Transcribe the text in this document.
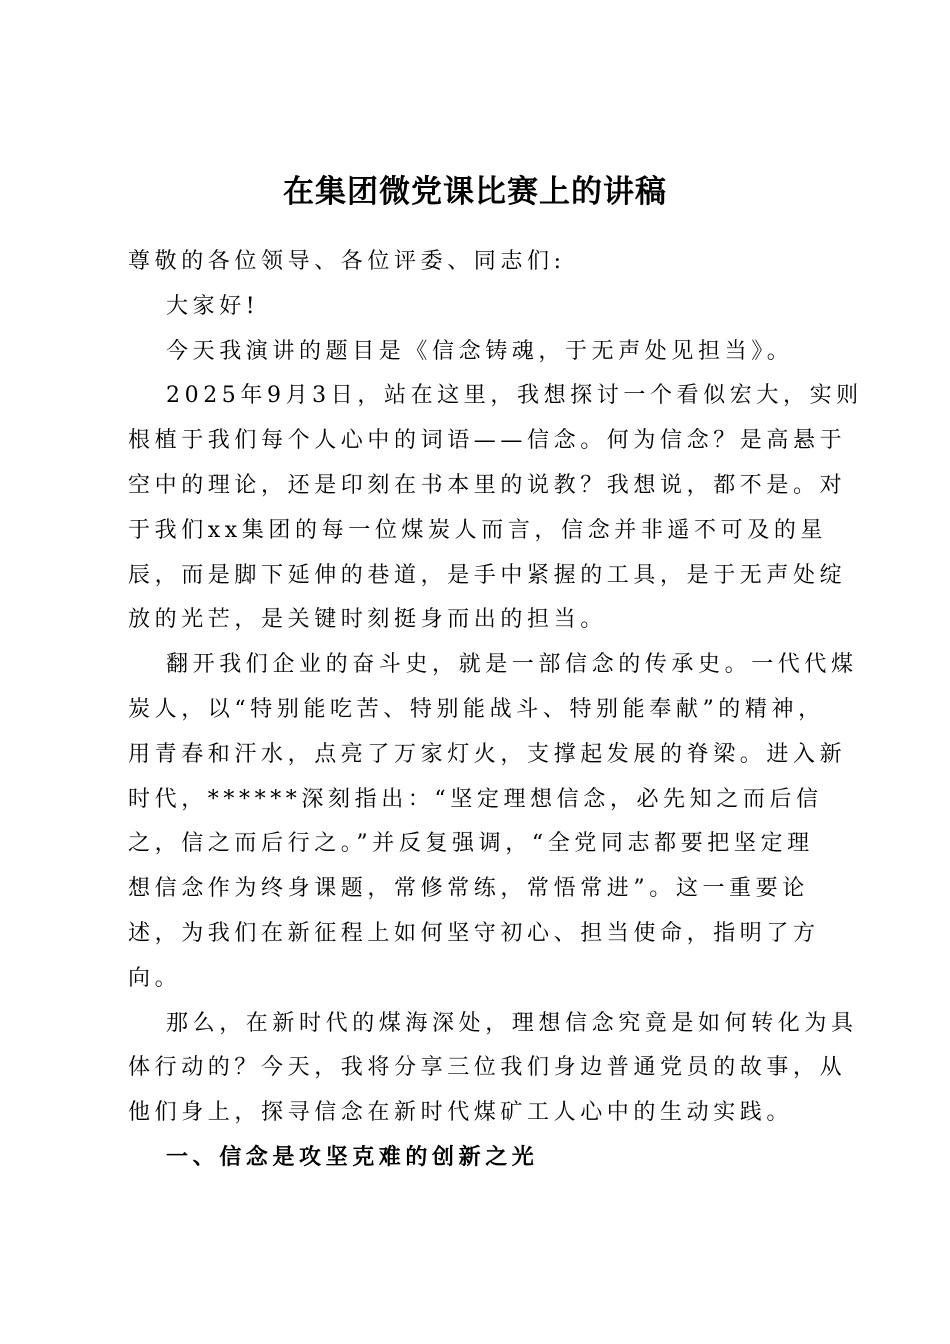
在集团微党课比赛上的讲稿
尊敬的各位领导、各位评委、同志们:
大家好!
今天我演讲的题目是《信念铸魂，于无声处见担当》。
2025年9月3日，站在这里，我想探讨一个看似宏大，实则
根植于我们每个人心中的词语——信念。何为信念？是高悬于
空中的理论，还是印刻在书本里的说教？我想说，都不是。对
于我们xx集团的每一位煤炭人而言，信念并非遥不可及的星
辰，而是脚下延伸的巷道，是手中紧握的工具，是于无声处绽
放的光芒，是关键时刻挺身而出的担当。
翻开我们企业的奋斗史，就是一部信念的传承史。一代代煤
炭人，以“特别能吃苦、特别能战斗、特别能奉献”的精神，
用青春和汗水，点亮了万家灯火，支撑起发展的脊梁。进入新
时代，******深刻指出：“坚定理想信念，必先知之而后信
之，信之而后行之。”并反复强调，“全党同志都要把坚定理
想信念作为终身课题，常修常练，常悟常进”。这一重要论
述，为我们在新征程上如何坚守初心、担当使命，指明了方
向。
那么，在新时代的煤海深处，理想信念究竟是如何转化为具
体行动的？今天，我将分享三位我们身边普通党员的故事，从
他们身上，探寻信念在新时代煤矿工人心中的生动实践。
一、信念是攻坚克难的创新之光
